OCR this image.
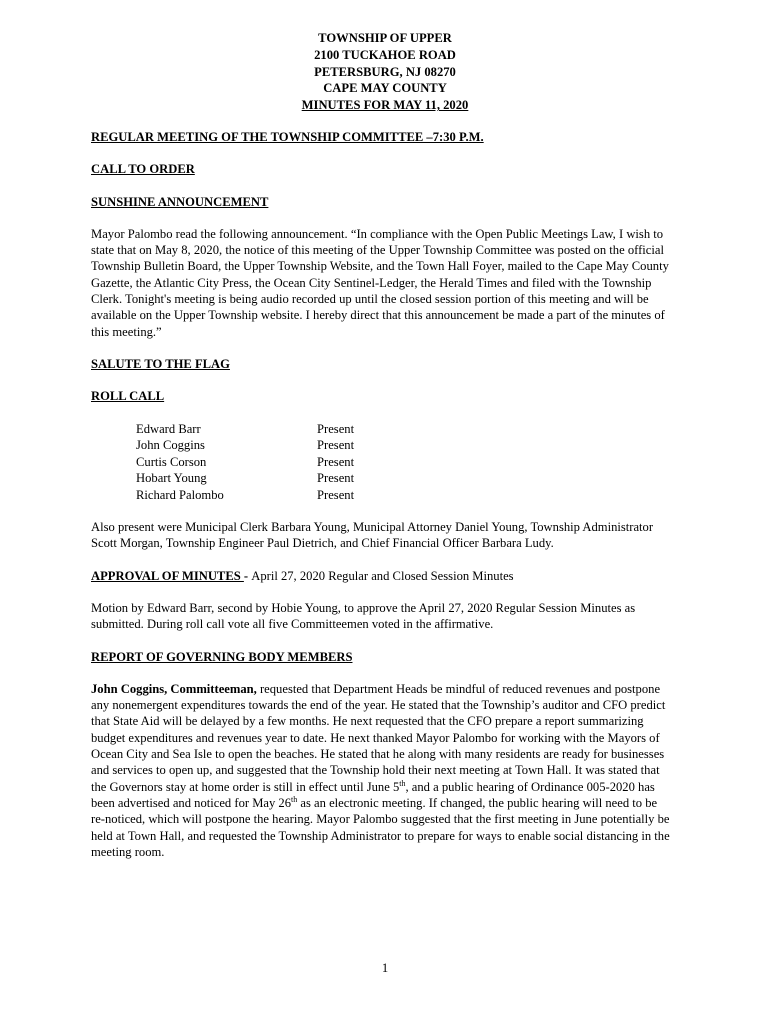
TOWNSHIP OF UPPER
2100 TUCKAHOE ROAD
PETERSBURG, NJ 08270
CAPE MAY COUNTY
MINUTES FOR MAY 11, 2020

REGULAR MEETING OF THE TOWNSHIP COMMITTEE –7:30 P.M.

CALL TO ORDER

SUNSHINE ANNOUNCEMENT

Mayor Palombo read the following announcement. “In compliance with the Open Public Meetings Law, I wish to state that on May 8, 2020, the notice of this meeting of the Upper Township Committee was posted on the official Township Bulletin Board, the Upper Township Website, and the Town Hall Foyer, mailed to the Cape May County Gazette, the Atlantic City Press, the Ocean City Sentinel-Ledger, the Herald Times and filed with the Township Clerk. Tonight's meeting is being audio recorded up until the closed session portion of this meeting and will be available on the Upper Township website. I hereby direct that this announcement be made a part of the minutes of this meeting.”

SALUTE TO THE FLAG

ROLL CALL

Edward Barr	Present
John Coggins	Present
Curtis Corson	Present
Hobart Young	Present
Richard Palombo	Present

Also present were Municipal Clerk Barbara Young, Municipal Attorney Daniel Young, Township Administrator Scott Morgan, Township Engineer Paul Dietrich, and Chief Financial Officer Barbara Ludy.

APPROVAL OF MINUTES - April 27, 2020 Regular and Closed Session Minutes

Motion by Edward Barr, second by Hobie Young, to approve the April 27, 2020 Regular Session Minutes as submitted. During roll call vote all five Committeemen voted in the affirmative.

REPORT OF GOVERNING BODY MEMBERS

John Coggins, Committeeman, requested that Department Heads be mindful of reduced revenues and postpone any nonemergent expenditures towards the end of the year. He stated that the Township’s auditor and CFO predict that State Aid will be delayed by a few months. He next requested that the CFO prepare a report summarizing budget expenditures and revenues year to date. He next thanked Mayor Palombo for working with the Mayors of Ocean City and Sea Isle to open the beaches. He stated that he along with many residents are ready for businesses and services to open up, and suggested that the Township hold their next meeting at Town Hall. It was stated that the Governors stay at home order is still in effect until June 5th, and a public hearing of Ordinance 005-2020 has been advertised and noticed for May 26th as an electronic meeting. If changed, the public hearing will need to be re-noticed, which will postpone the hearing. Mayor Palombo suggested that the first meeting in June potentially be held at Town Hall, and requested the Township Administrator to prepare for ways to enable social distancing in the meeting room.

1
